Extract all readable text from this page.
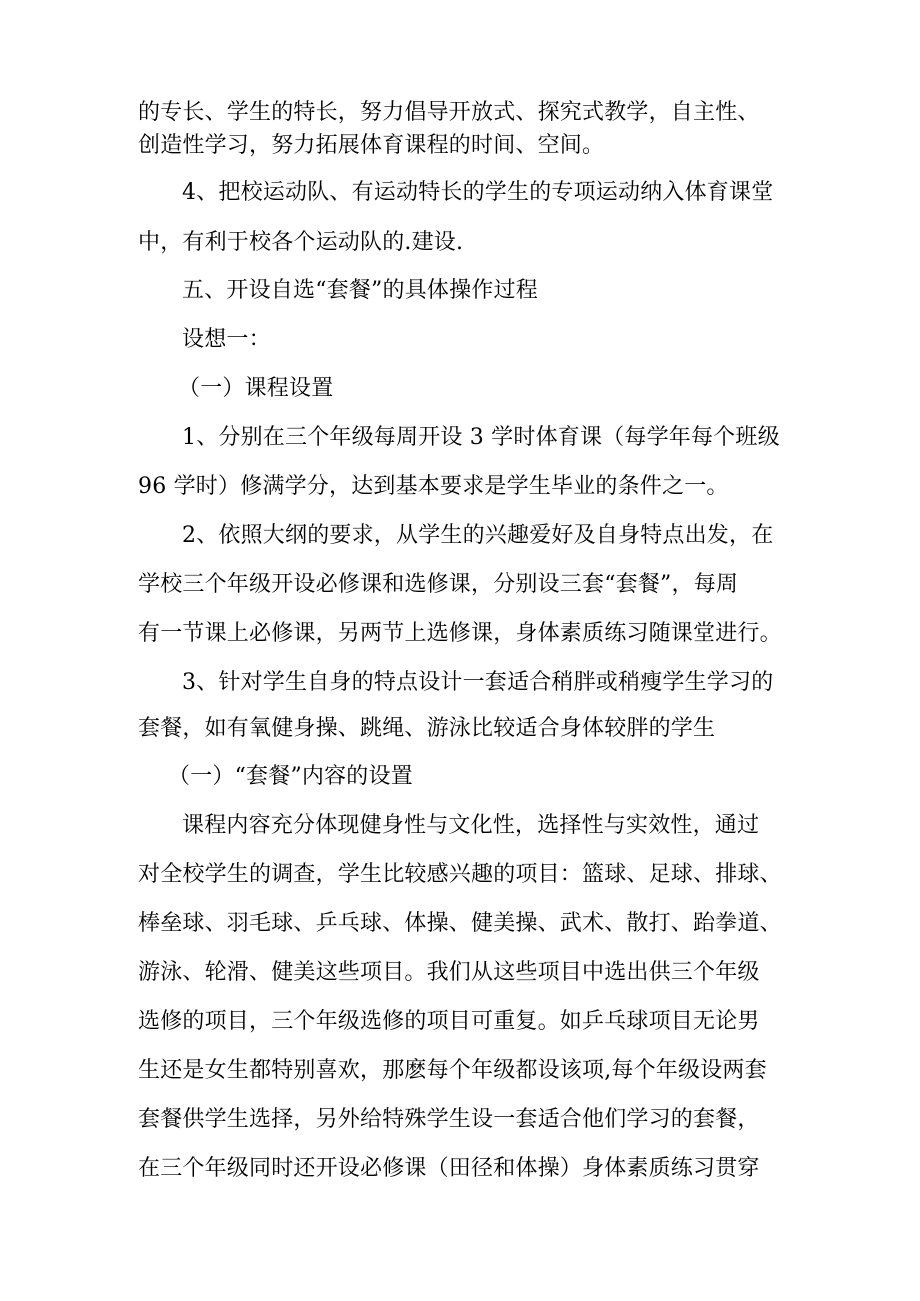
的专长、学生的特长，努力倡导开放式、探究式教学，自主性、
创造性学习，努力拓展体育课程的时间、空间。
4、把校运动队、有运动特长的学生的专项运动纳入体育课堂
中，有利于校各个运动队的.建设.
五、开设自选“套餐”的具体操作过程
设想一：
（一）课程设置
1、分别在三个年级每周开设 3 学时体育课（每学年每个班级
96 学时）修满学分，达到基本要求是学生毕业的条件之一。
2、依照大纲的要求，从学生的兴趣爱好及自身特点出发，在
学校三个年级开设必修课和选修课，分别设三套“套餐”，每周
有一节课上必修课，另两节上选修课，身体素质练习随课堂进行。
3、针对学生自身的特点设计一套适合稍胖或稍瘦学生学习的
套餐，如有氧健身操、跳绳、游泳比较适合身体较胖的学生
（一）“套餐”内容的设置
课程内容充分体现健身性与文化性，选择性与实效性，通过
对全校学生的调查，学生比较感兴趣的项目：篮球、足球、排球、
棒垒球、羽毛球、乒乓球、体操、健美操、武术、散打、跆拳道、
游泳、轮滑、健美这些项目。我们从这些项目中选出供三个年级
选修的项目，三个年级选修的项目可重复。如乒乓球项目无论男
生还是女生都特别喜欢，那麽每个年级都设该项,每个年级设两套
套餐供学生选择，另外给特殊学生设一套适合他们学习的套餐，
在三个年级同时还开设必修课（田径和体操）身体素质练习贯穿
